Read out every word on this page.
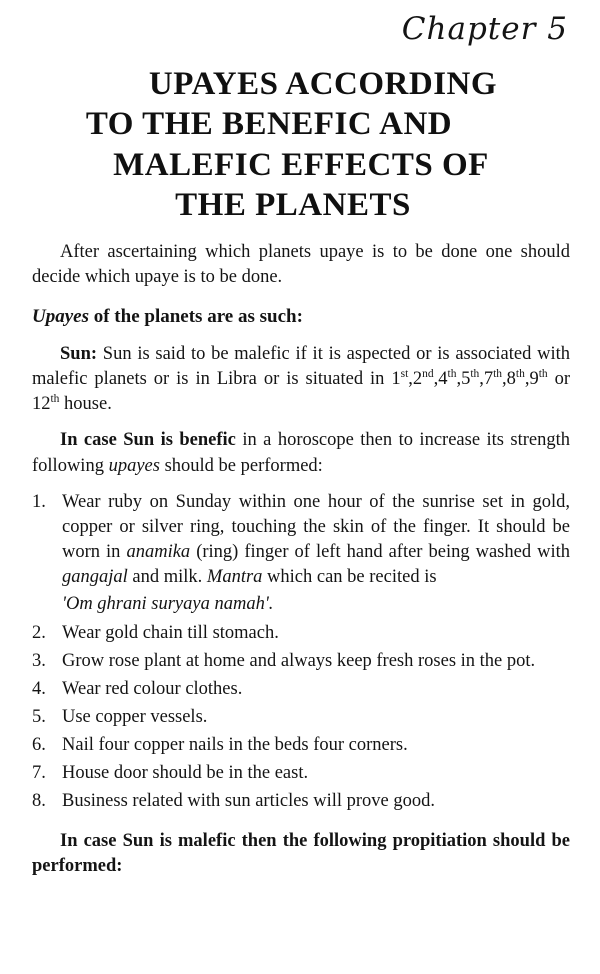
Chapter 5
UPAYES ACCORDING
TO THE BENEFIC AND
MALEFIC EFFECTS OF
THE PLANETS

After ascertaining which planets upaye is to be done one should decide which upaye is to be done.

Upayes of the planets are as such:

Sun: Sun is said to be malefic if it is aspected or is associated with malefic planets or is in Libra or is situated in 1st,2nd,4th,5th,7th,8th,9th or 12th house.

In case Sun is benefic in a horoscope then to increase its strength following upayes should be performed:

1. Wear ruby on Sunday within one hour of the sunrise set in gold, copper or silver ring, touching the skin of the finger. It should be worn in anamika (ring) finger of left hand after being washed with gangajal and milk. Mantra which can be recited is
'Om ghrani suryaya namah'.
2. Wear gold chain till stomach.
3. Grow rose plant at home and always keep fresh roses in the pot.
4. Wear red colour clothes.
5. Use copper vessels.
6. Nail four copper nails in the beds four corners.
7. House door should be in the east.
8. Business related with sun articles will prove good.

In case Sun is malefic then the following propitiation should be performed:
